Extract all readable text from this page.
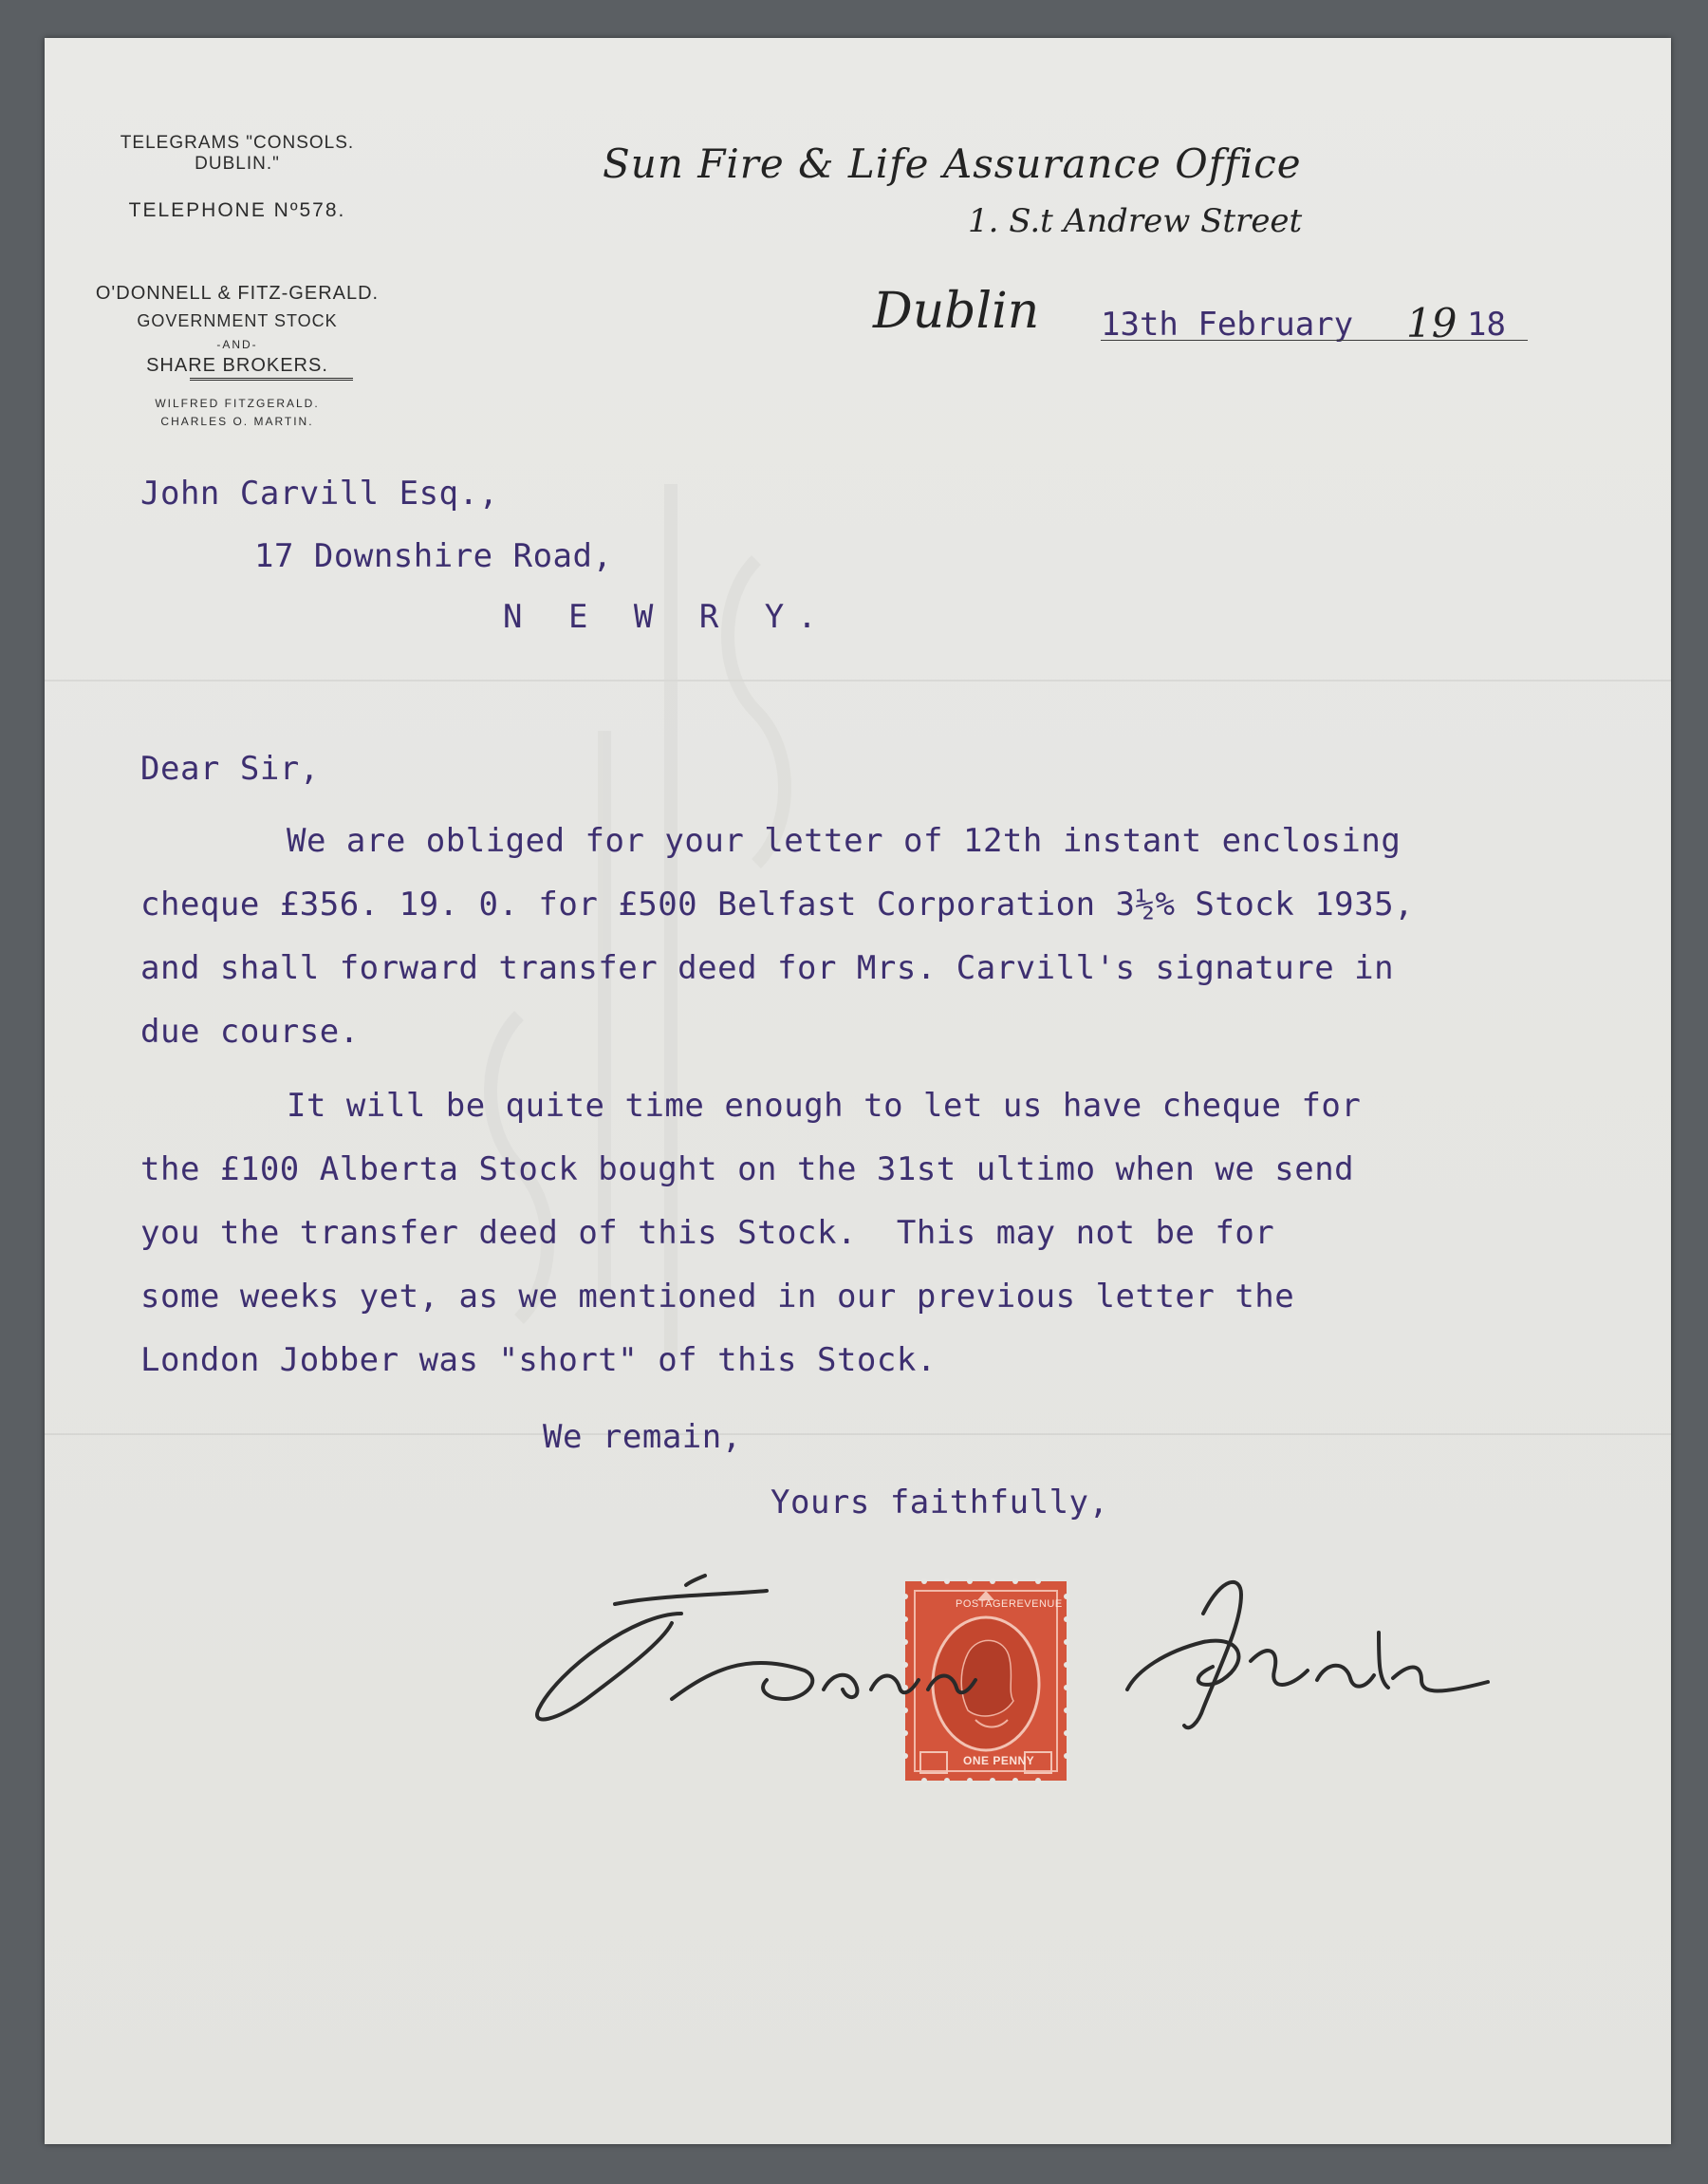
TELEGRAMS "CONSOLS. DUBLIN."
TELEPHONE Nº578.
O'DONNELL & FITZ-GERALD.
GOVERNMENT STOCK
-AND-
SHARE BROKERS.
WILFRED FITZGERALD.
CHARLES O. MARTIN.
Sun Fire & Life Assurance Office
1. S.t Andrew Street
Dublin 13th February 19 18
John Carvill Esq.,
17 Downshire Road,
N E W R Y.
Dear Sir,
We are obliged for your letter of 12th instant enclosing
cheque £356. 19. 0. for £500 Belfast Corporation 3½% Stock 1935,
and shall forward transfer deed for Mrs. Carvill's signature in
due course.
It will be quite time enough to let us have cheque for
the £100 Alberta Stock bought on the 31st ultimo when we send
you the transfer deed of this Stock.  This may not be for
some weeks yet, as we mentioned in our previous letter the
London Jobber was "short" of this Stock.
We remain,
Yours faithfully,
POSTAGE REVENUE
ONE PENNY
